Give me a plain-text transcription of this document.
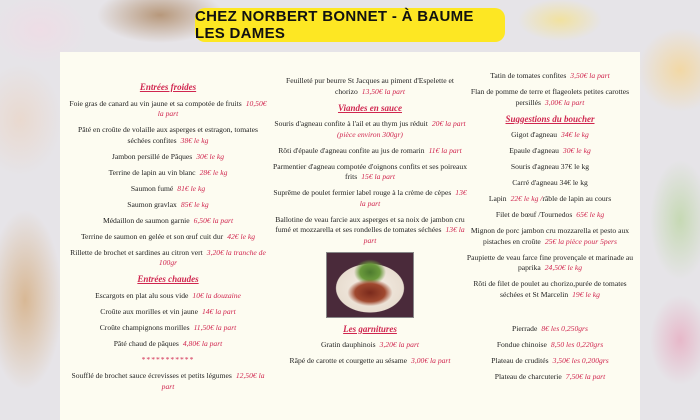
CHEZ NORBERT BONNET - À BAUME LES DAMES
Entrées froides
Foie gras de canard au vin jaune et sa compotée de fruits 10,50€ la part
Pâté en croûte de volaille aux asperges et estragon, tomates séchées confites 38€ le kg
Jambon persillé de Pâques 30€ le kg
Terrine de lapin au vin blanc 28€ le kg
Saumon fumé 81€ le kg
Saumon gravlax 85€ le kg
Médaillon de saumon garnie 6,50€ la part
Terrine de saumon en gelée et son œuf cuit dur 42€ le kg
Rillette de brochet et sardines au citron vert 3,20€ la tranche de 100gr
Entrées chaudes
Escargots en plat alu sous vide 10€ la douzaine
Croûte aux morilles et vin jaune 14€ la part
Croûte champignons morilles 11,50€ la part
Pâté chaud de pâques 4,80€ la part
***********
Soufflé de brochet sauce écrevisses et petits légumes 12,50€ la part
Feuilleté pur beurre St Jacques au piment d'Espelette et chorizo 13,50€ la part
Viandes en sauce
Souris d'agneau confite à l'ail et au thym jus réduit 20€ la part (pièce environ 300gr)
Rôti d'épaule d'agneau confite au jus de romarin 11€ la part
Parmentier d'agneau compotée d'oignons confits et ses poireaux frits 15€ la part
Suprême de poulet fermier label rouge à la crème de cèpes 13€ la part
Ballotine de veau farcie aux asperges et sa noix de jambon cru fumé et mozzarella et ses rondelles de tomates séchées 13€ la part
Les garnitures
Gratin dauphinois 3,20€ la part
Râpé de carotte et courgette au sésame 3,00€ la part
Tatin de tomates confites 3,50€ la part
Flan de pomme de terre et flageolets petites carottes persillés 3,00€ la part
Suggestions du boucher
Gigot d'agneau 34€ le kg
Epaule d'agneau 30€ le kg
Souris d'agneau 37€ le kg
Carré d'agneau 34€ le kg
Lapin 22€ le kg /râble de lapin au cours
Filet de bœuf /Tournedos 65€ le kg
Mignon de porc jambon cru mozzarella et pesto aux pistaches en croûte 25€ la pièce pour 5pers
Paupiette de veau farce fine provençale et marinade au paprika 24,50€ le kg
Rôti de filet de poulet au chorizo,purée de tomates séchées et St Marcelin 19€ le kg
Pierrade 8€ les 0,250grs
Fondue chinoise 8,50 les 0,220grs
Plateau de crudités 3,50€ les 0,200grs
Plateau de charcuterie 7,50€ la part
